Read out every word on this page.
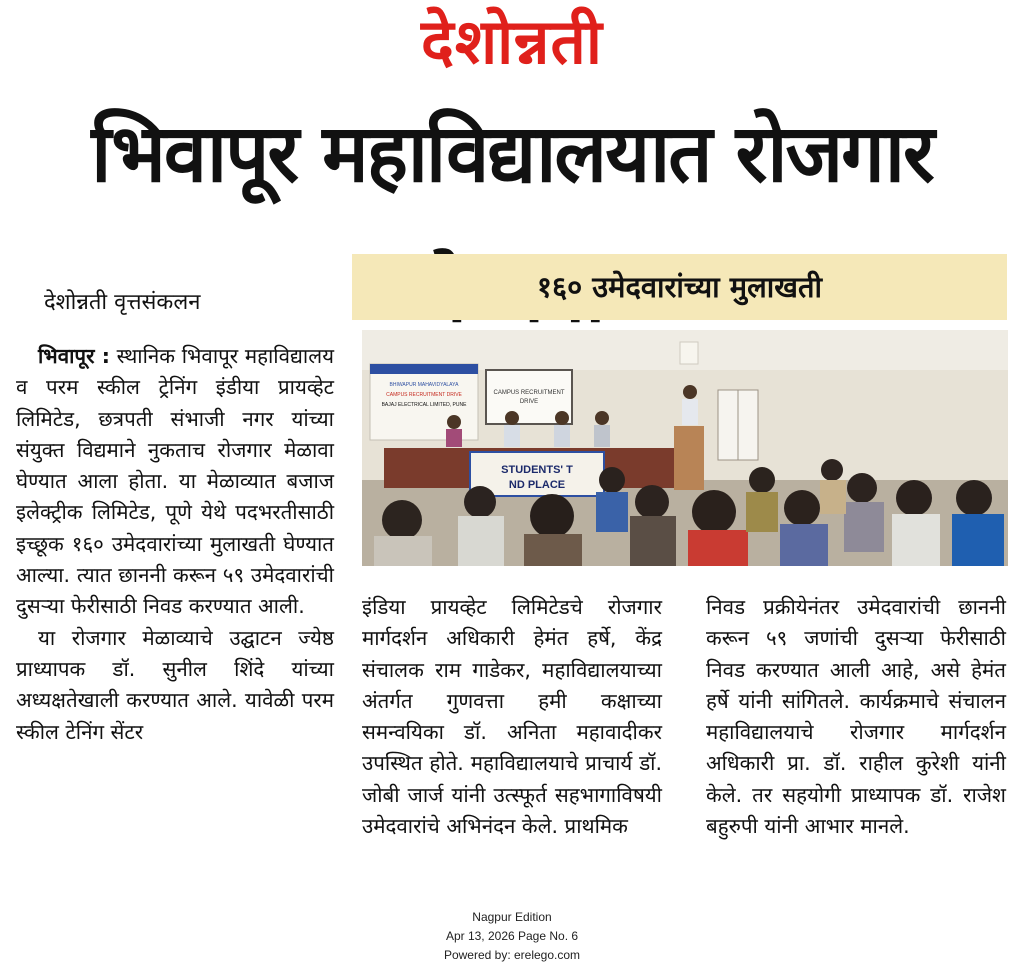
देशोन्नती
भिवापूर महाविद्यालयात रोजगार
१६० उमेदवारांच्या मुलाखती
देशोन्नती वृत्तसंकलन

भिवापूर : स्थानिक भिवापूर महाविद्यालय व परम स्कील ट्रेनिंग इंडीया प्रायव्हेट लिमिटेड, छत्रपती संभाजी नगर यांच्या संयुक्त विद्यमाने नुकताच रोजगार मेळावा घेण्यात आला होता. या मेळाव्यात बजाज इलेक्ट्रीक लिमिटेड, पूणे येथे पदभरतीसाठी इच्छूक १६० उमेदवारांच्या मुलाखती घेण्यात आल्या. त्यात छाननी करून ५९ उमेदवारांची दुसऱ्या फेरीसाठी निवड करण्यात आली.

या रोजगार मेळाव्याचे उद्घाटन ज्येष्ठ प्राध्यापक डॉ. सुनील शिंदे यांच्या अध्यक्षतेखाली करण्यात आले. यावेळी परम स्कील टेनिंग सेंटर

BHIWAPUR MAHAVIDYALAYA
CAMPUS RECRUITMENT DRIVE
BAJAJ ELECTRICAL LIMITED, PUNE
CAMPUS RECRUITMENT
DRIVE
STUDENTS' T
ND PLACE

इंडिया प्रायव्हेट लिमिटेडचे रोजगार मार्गदर्शन अधिकारी हेमंत हर्षे, केंद्र संचालक राम गाडेकर, महाविद्यालयाच्या अंतर्गत गुणवत्ता हमी कक्षाच्या समन्वयिका डॉ. अनिता महावादीकर उपस्थित होते. महाविद्यालयाचे प्राचार्य डॉ. जोबी जार्ज यांनी उत्स्फूर्त सहभागाविषयी उमेदवारांचे अभिनंदन केले. प्राथमिक

निवड प्रक्रीयेनंतर उमेदवारांची छाननी करून ५९ जणांची दुसऱ्या फेरीसाठी निवड करण्यात आली आहे, असे हेमंत हर्षे यांनी सांगितले. कार्यक्रमाचे संचालन महाविद्यालयाचे रोजगार मार्गदर्शन अधिकारी प्रा. डॉ. राहील कुरेशी यांनी केले. तर सहयोगी प्राध्यापक डॉ. राजेश बहुरुपी यांनी आभार मानले.

Nagpur Edition
Apr 13, 2026 Page No. 6
Powered by: erelego.com
